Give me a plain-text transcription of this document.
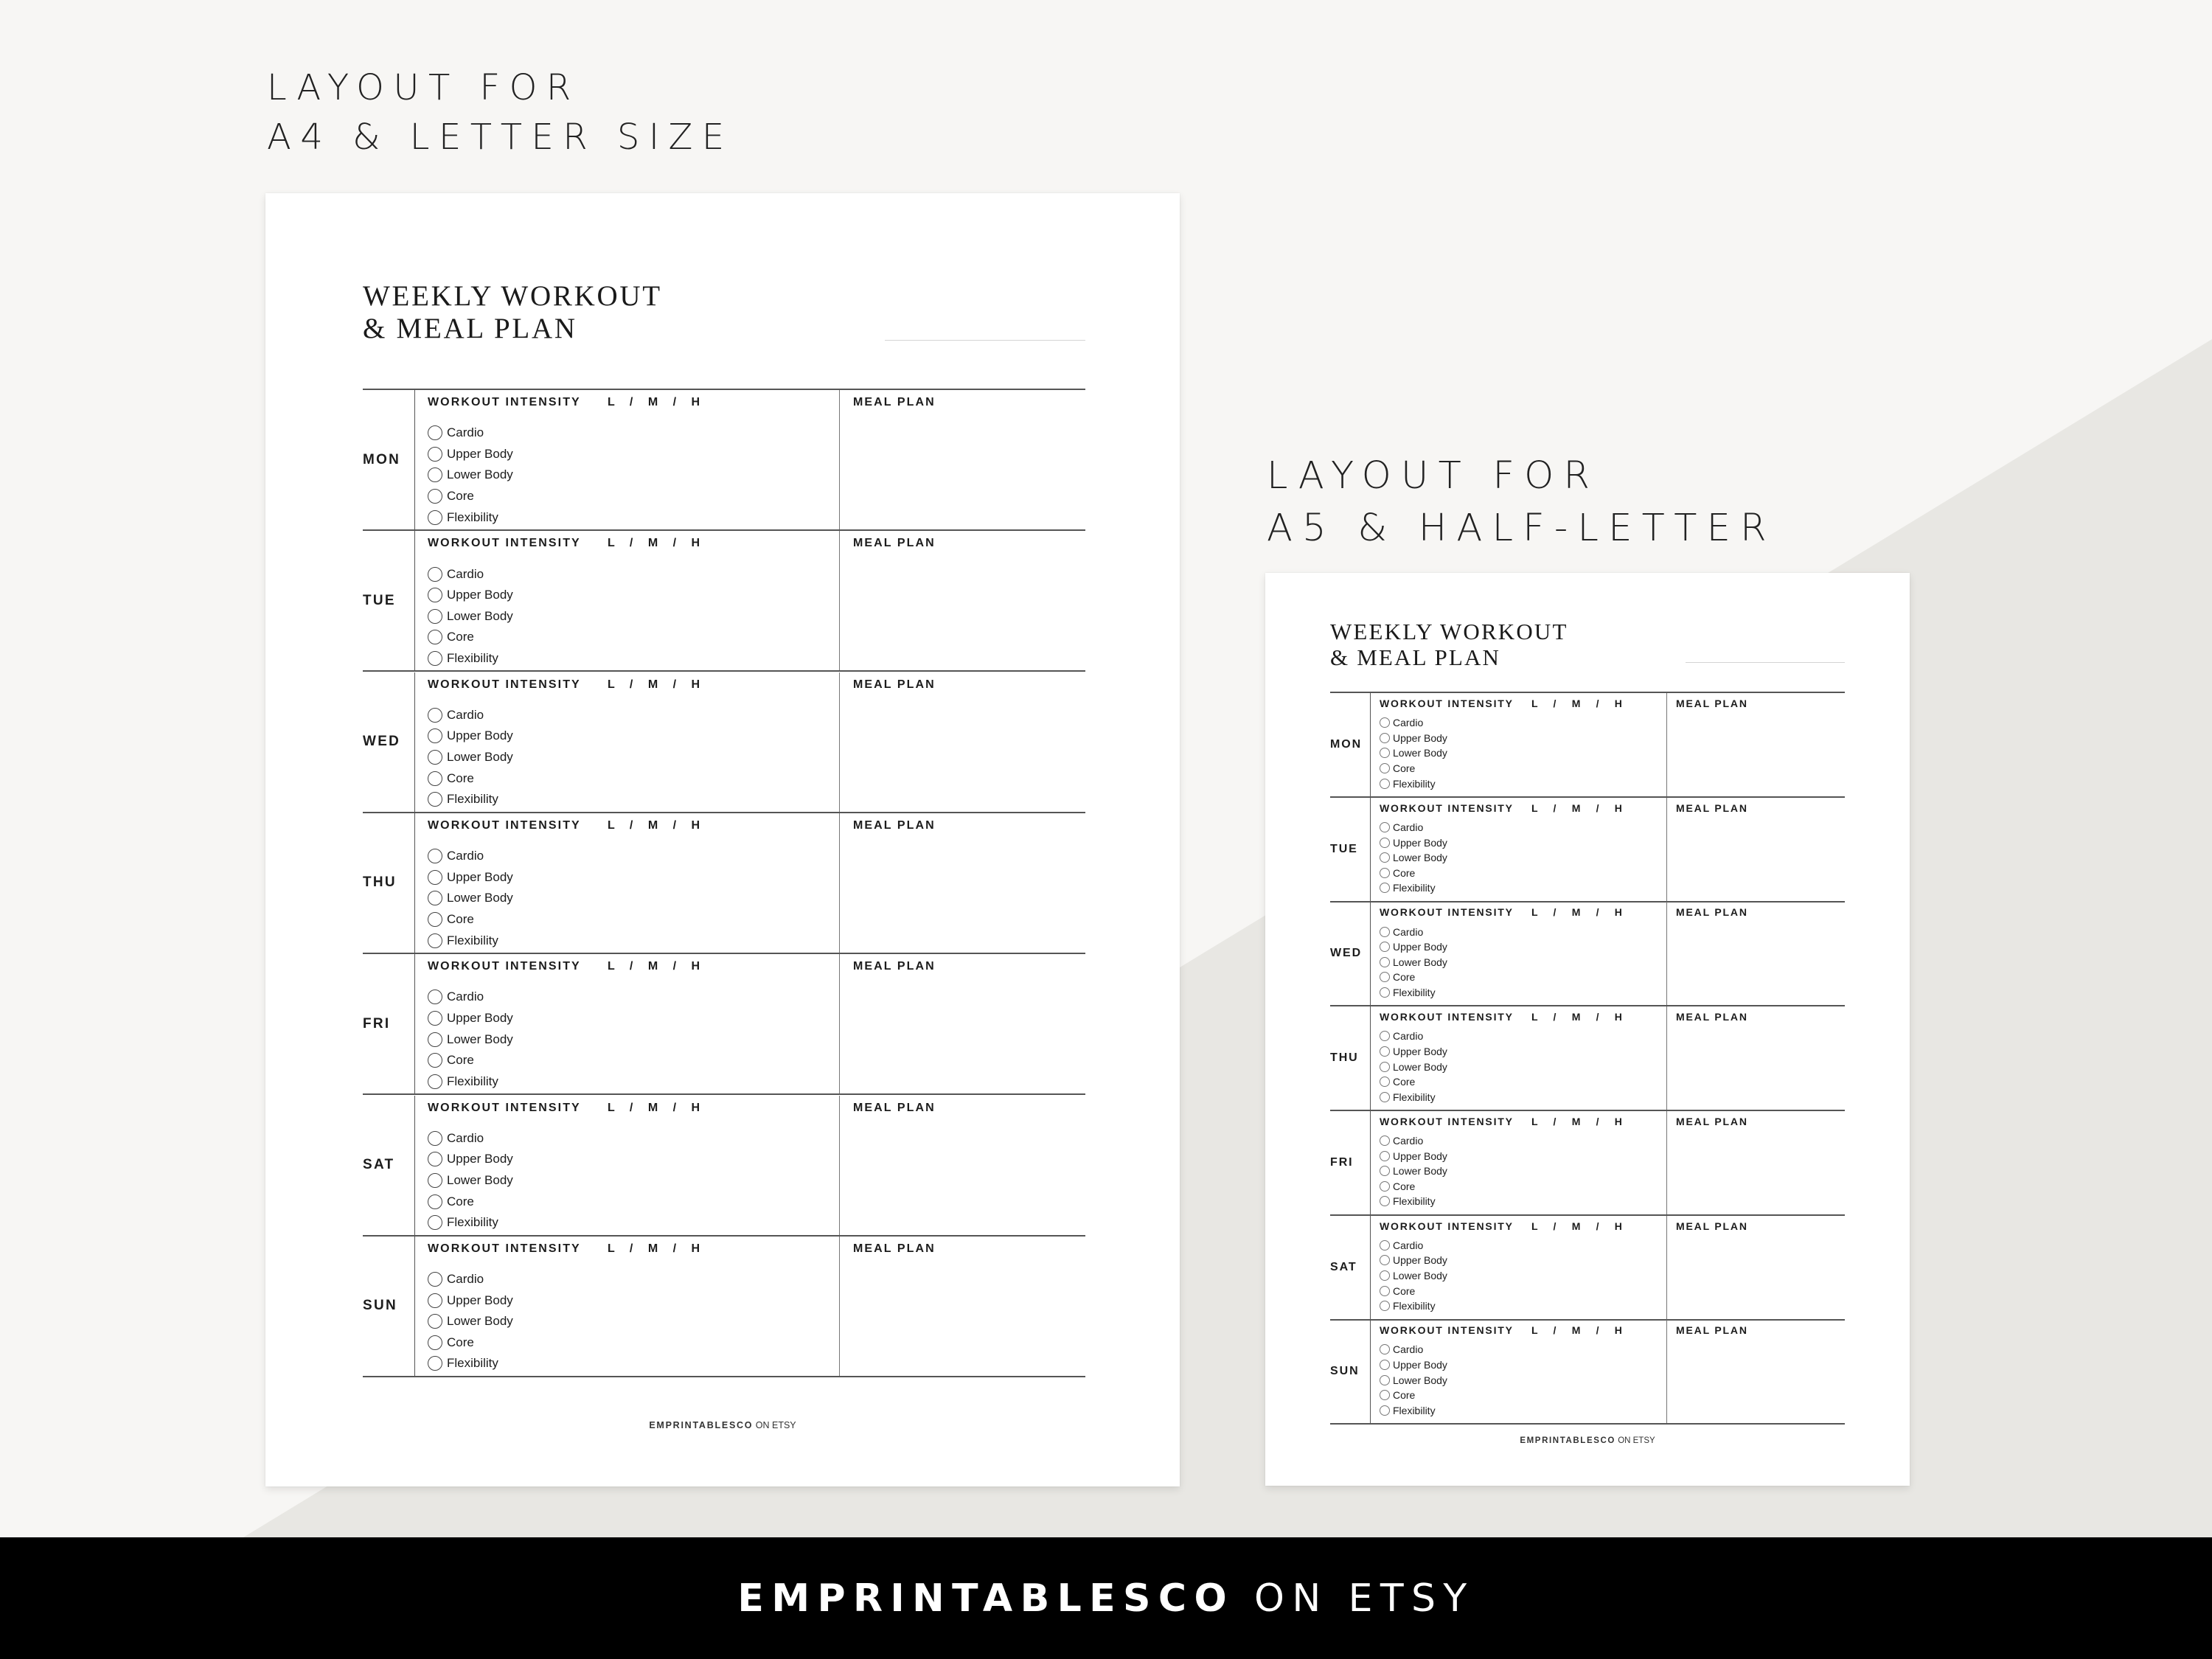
LAYOUT FOR
A4 & LETTER SIZE
LAYOUT FOR
A5 & HALF-LETTER
WEEKLY WORKOUT
& MEAL PLAN
MON
WORKOUT INTENSITY L / M / H
Cardio
Upper Body
Lower Body
Core
Flexibility
MEAL PLAN
TUE
WORKOUT INTENSITY L / M / H
Cardio
Upper Body
Lower Body
Core
Flexibility
MEAL PLAN
WED
WORKOUT INTENSITY L / M / H
Cardio
Upper Body
Lower Body
Core
Flexibility
MEAL PLAN
THU
WORKOUT INTENSITY L / M / H
Cardio
Upper Body
Lower Body
Core
Flexibility
MEAL PLAN
FRI
WORKOUT INTENSITY L / M / H
Cardio
Upper Body
Lower Body
Core
Flexibility
MEAL PLAN
SAT
WORKOUT INTENSITY L / M / H
Cardio
Upper Body
Lower Body
Core
Flexibility
MEAL PLAN
SUN
WORKOUT INTENSITY L / M / H
Cardio
Upper Body
Lower Body
Core
Flexibility
MEAL PLAN
EMPRINTABLESCO ON ETSY
WEEKLY WORKOUT
& MEAL PLAN
MON
WORKOUT INTENSITY L / M / H
Cardio
Upper Body
Lower Body
Core
Flexibility
MEAL PLAN
TUE
WORKOUT INTENSITY L / M / H
Cardio
Upper Body
Lower Body
Core
Flexibility
MEAL PLAN
WED
WORKOUT INTENSITY L / M / H
Cardio
Upper Body
Lower Body
Core
Flexibility
MEAL PLAN
THU
WORKOUT INTENSITY L / M / H
Cardio
Upper Body
Lower Body
Core
Flexibility
MEAL PLAN
FRI
WORKOUT INTENSITY L / M / H
Cardio
Upper Body
Lower Body
Core
Flexibility
MEAL PLAN
SAT
WORKOUT INTENSITY L / M / H
Cardio
Upper Body
Lower Body
Core
Flexibility
MEAL PLAN
SUN
WORKOUT INTENSITY L / M / H
Cardio
Upper Body
Lower Body
Core
Flexibility
MEAL PLAN
EMPRINTABLESCO ON ETSY
EMPRINTABLESCO ON ETSY
